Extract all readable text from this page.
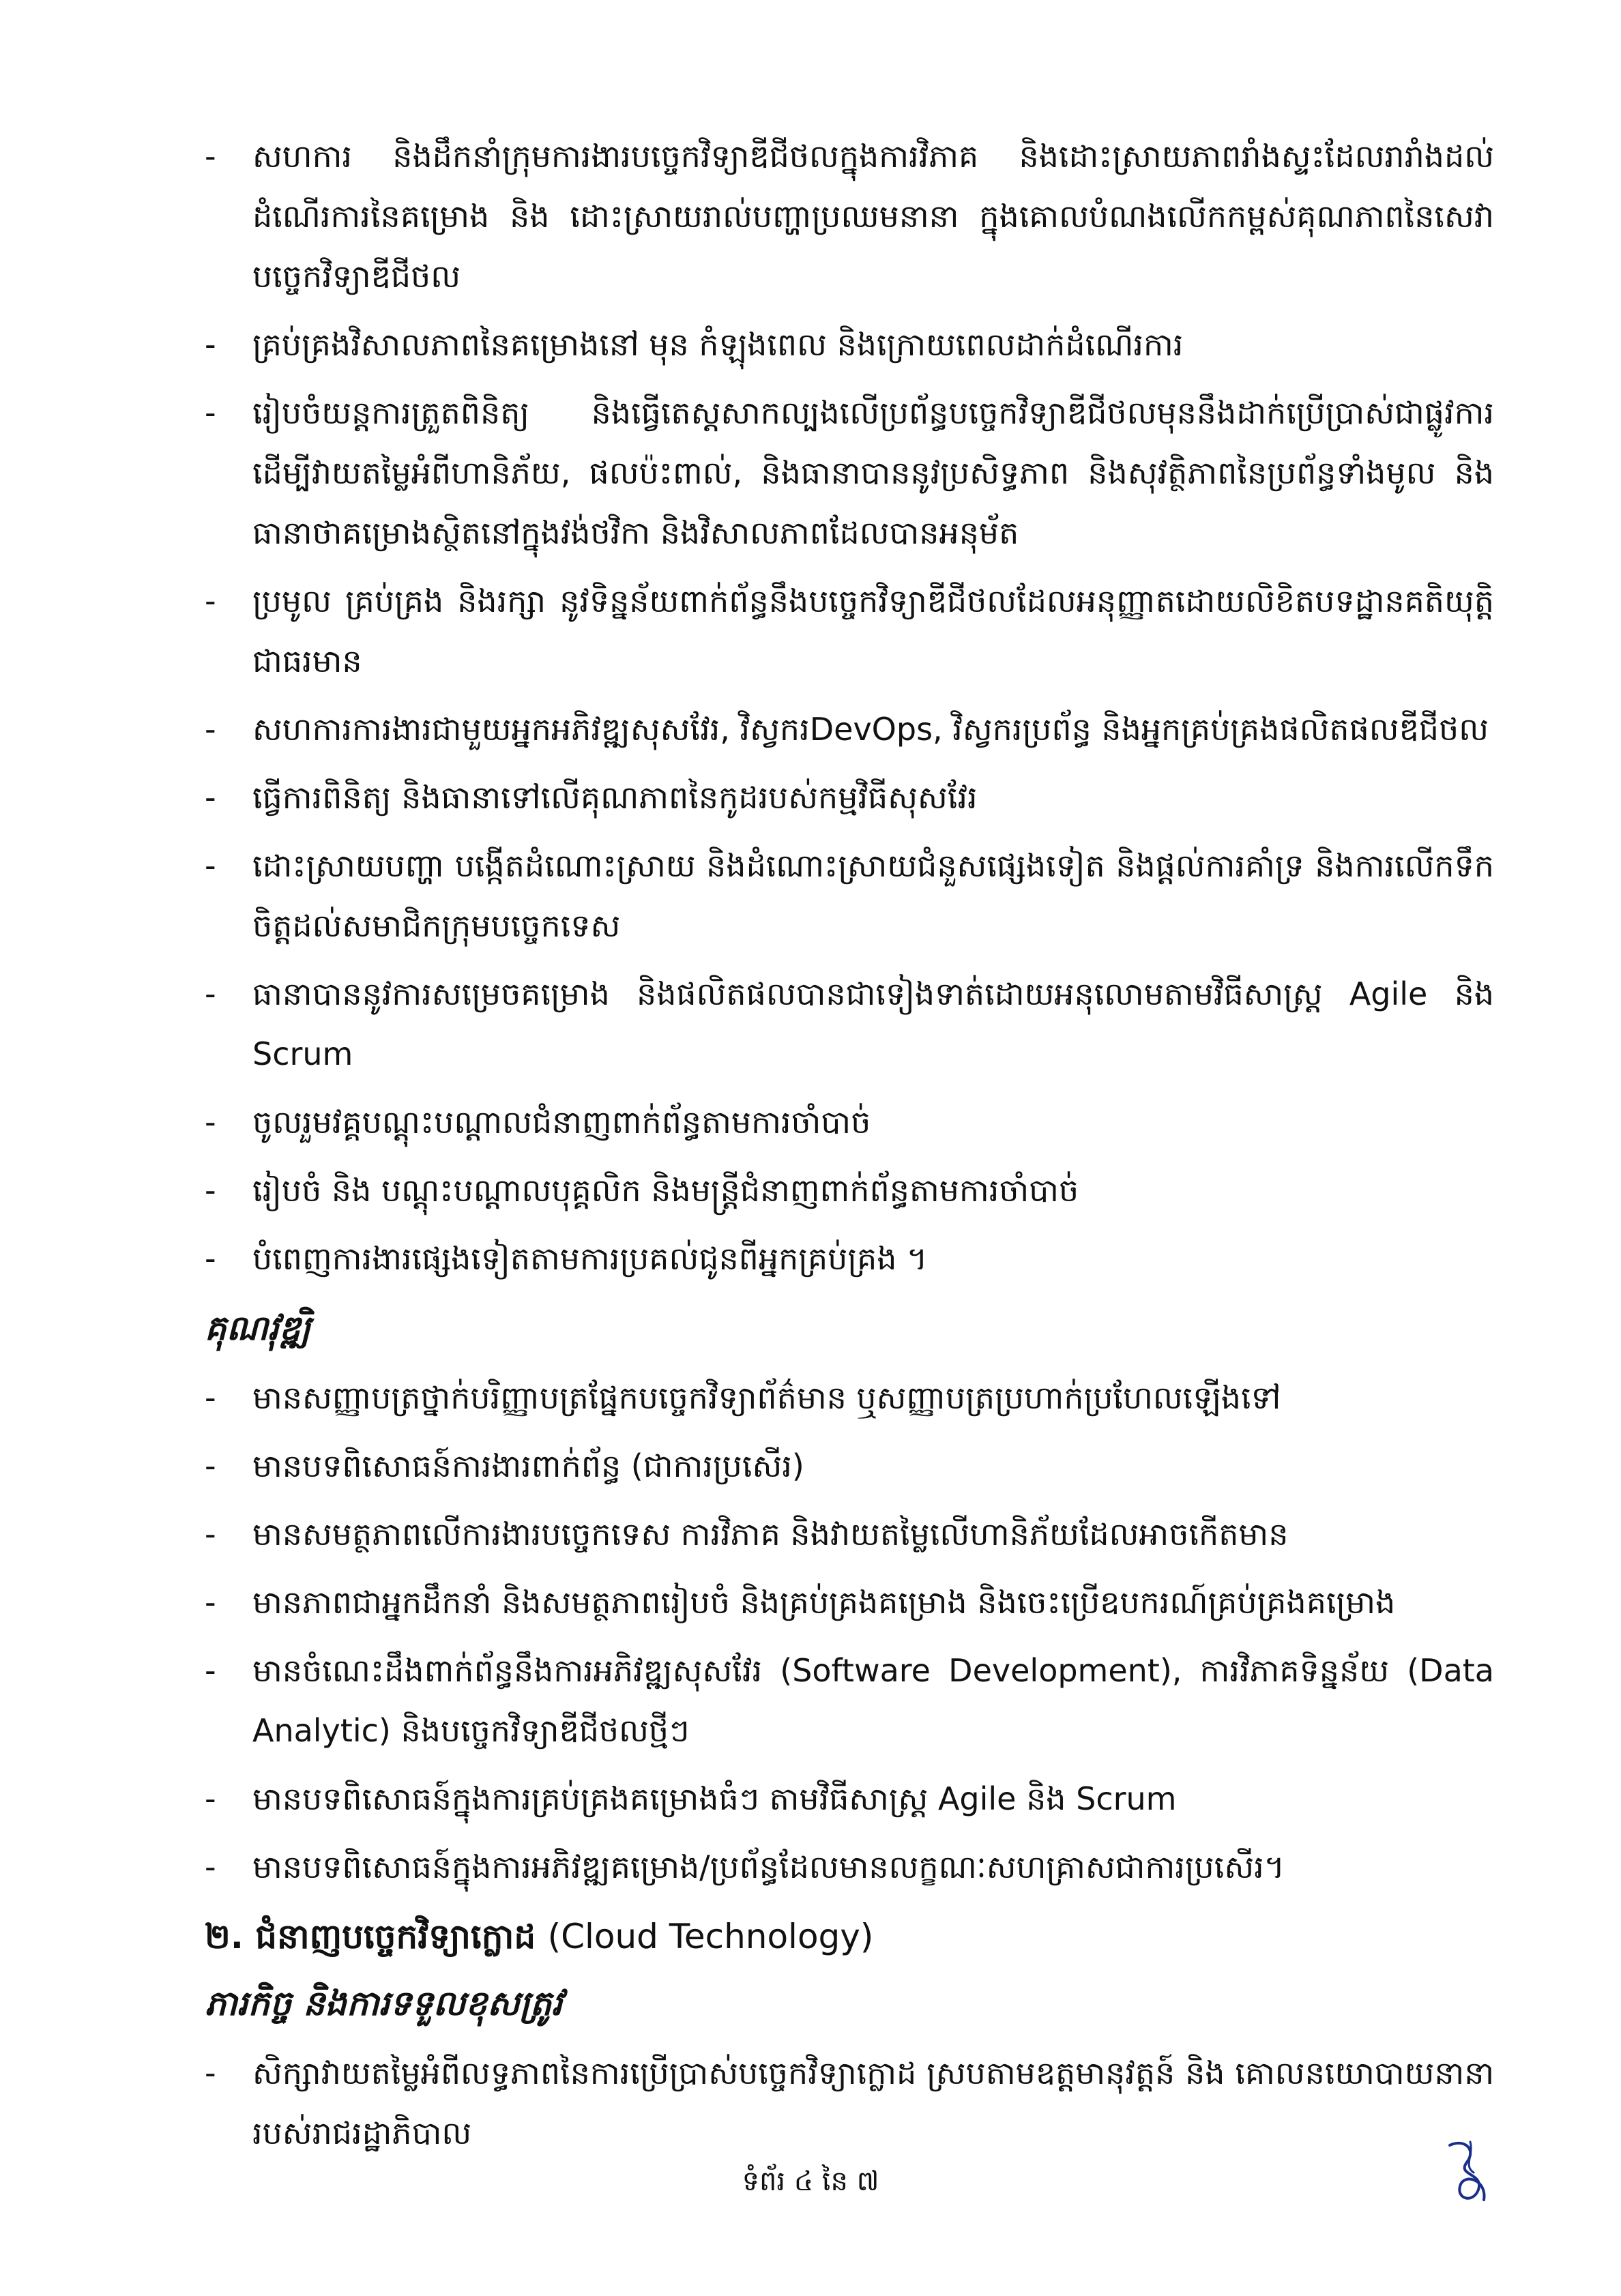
-	សហការ និងដឹកនាំក្រុមការងារបច្ចេកវិទ្យាឌីជីថលក្នុងការវិភាគ និងដោះស្រាយភាពរាំងស្ទះដែលរារាំងដល់ដំណើរការនៃគម្រោង និង ដោះស្រាយរាល់បញ្ហាប្រឈមនានា ក្នុងគោលបំណងលើកកម្ពស់គុណភាពនៃសេវាបច្ចេកវិទ្យាឌីជីថល
-	គ្រប់គ្រងវិសាលភាពនៃគម្រោងនៅ មុន កំឡុងពេល និងក្រោយពេលដាក់ដំណើរការ
-	រៀបចំយន្តការត្រួតពិនិត្យ និងធ្វើតេស្តសាកល្បងលើប្រព័ន្ធបច្ចេកវិទ្យាឌីជីថលមុននឹងដាក់ប្រើប្រាស់ជាផ្លូវការដើម្បីវាយតម្លៃអំពីហានិភ័យ, ផលប៉ះពាល់, និងធានាបាននូវប្រសិទ្ធភាព និងសុវត្ថិភាពនៃប្រព័ន្ធទាំងមូល និងធានាថាគម្រោងស្ថិតនៅក្នុងវង់ថវិកា និងវិសាលភាពដែលបានអនុម័ត
-	ប្រមូល គ្រប់គ្រង និងរក្សា នូវទិន្នន័យពាក់ព័ន្ធនឹងបច្ចេកវិទ្យាឌីជីថលដែលអនុញ្ញាតដោយលិខិតបទដ្ឋានគតិយុត្តិជាធរមាន
-	សហការការងារជាមួយអ្នកអភិវឌ្ឍសុសវែរ, វិស្វករDevOps, វិស្វករប្រព័ន្ធ និងអ្នកគ្រប់គ្រងផលិតផលឌីជីថល
-	ធ្វើការពិនិត្យ និងធានាទៅលើគុណភាពនៃកូដរបស់កម្មវិធីសុសវែរ
-	ដោះស្រាយបញ្ហា បង្កើតដំណោះស្រាយ និងដំណោះស្រាយជំនួសផ្សេងទៀត និងផ្តល់ការគាំទ្រ និងការលើកទឹកចិត្តដល់សមាជិកក្រុមបច្ចេកទេស
-	ធានាបាននូវការសម្រេចគម្រោង និងផលិតផលបានជាទៀងទាត់ដោយអនុលោមតាមវិធីសាស្ត្រ Agile និង Scrum
-	ចូលរួមវគ្គបណ្តុះបណ្តាលជំនាញពាក់ព័ន្ធតាមការចាំបាច់
-	រៀបចំ និង បណ្តុះបណ្តាលបុគ្គលិក និងមន្ត្រីជំនាញពាក់ព័ន្ធតាមការចាំបាច់
-	បំពេញការងារផ្សេងទៀតតាមការប្រគល់ជូនពីអ្នកគ្រប់គ្រង ។
គុណវុឌ្ឍិ
-	មានសញ្ញាបត្រថ្នាក់បរិញ្ញាបត្រផ្នែកបច្ចេកវិទ្យាព័ត៌មាន ឬសញ្ញាបត្រប្រហាក់ប្រហែលឡើងទៅ
-	មានបទពិសោធន៍ការងារពាក់ព័ន្ធ (ជាការប្រសើរ)
-	មានសមត្ថភាពលើការងារបច្ចេកទេស ការវិភាគ និងវាយតម្លៃលើហានិភ័យដែលអាចកើតមាន
-	មានភាពជាអ្នកដឹកនាំ និងសមត្ថភាពរៀបចំ និងគ្រប់គ្រងគម្រោង និងចេះប្រើឧបករណ៍គ្រប់គ្រងគម្រោង
-	មានចំណេះដឹងពាក់ព័ន្ធនឹងការអភិវឌ្ឍសុសវែរ (Software Development), ការវិភាគទិន្នន័យ (Data Analytic) និងបច្ចេកវិទ្យាឌីជីថលថ្មីៗ
-	មានបទពិសោធន៍ក្នុងការគ្រប់គ្រងគម្រោងធំៗ តាមវិធីសាស្ត្រ Agile និង Scrum
-	មានបទពិសោធន៍ក្នុងការអភិវឌ្ឍគម្រោង/ប្រព័ន្ធដែលមានលក្ខណៈសហគ្រាសជាការប្រសើរ។
២. ជំនាញបច្ចេកវិទ្យាក្លោដ (Cloud Technology)
ភារកិច្ច និងការទទួលខុសត្រូវ
-	សិក្សាវាយតម្លៃអំពីលទ្ធភាពនៃការប្រើប្រាស់បច្ចេកវិទ្យាក្លោដ ស្របតាមឧត្តមានុវត្តន៍ និង គោលនយោបាយនានារបស់រាជរដ្ឋាភិបាល
ទំព័រ ៤ នៃ ៧
